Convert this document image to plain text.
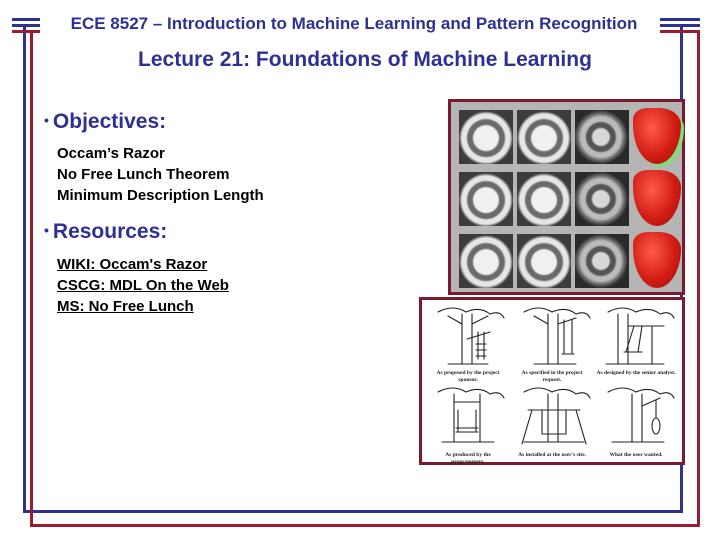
ECE 8527 – Introduction to Machine Learning and Pattern Recognition
Lecture 21: Foundations of Machine Learning
• Objectives:
Occam’s Razor
No Free Lunch Theorem
Minimum Description Length
• Resources:
WIKI: Occam's Razor
CSCG: MDL On the Web
MS: No Free Lunch
As proposed by the project sponsor.
As specified in the project request.
As designed by the senior analyst.
As produced by the programmers.
As installed at the user's site.	What the user wanted.
